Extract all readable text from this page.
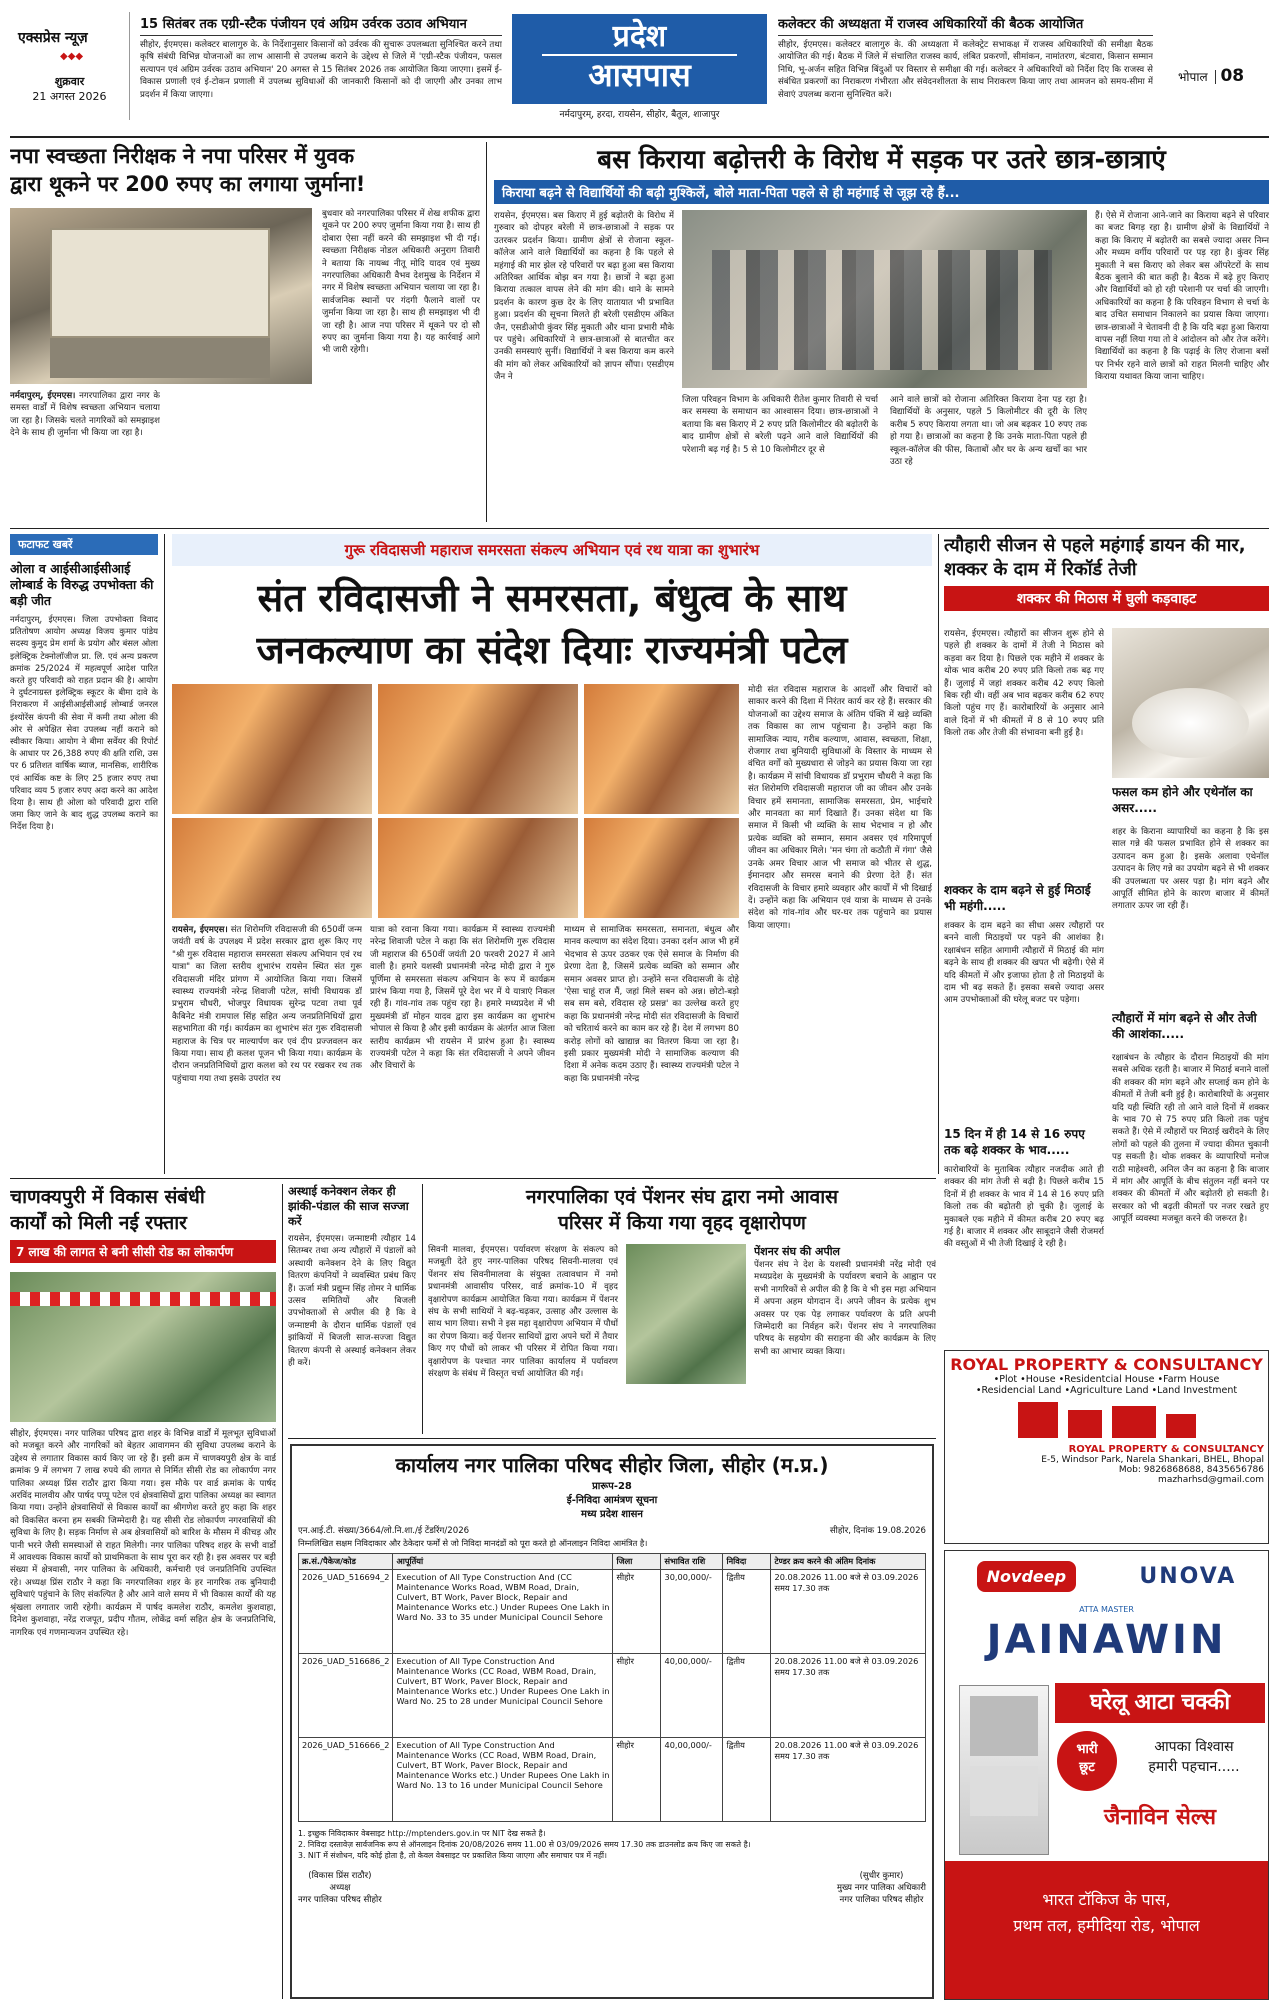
एक्सप्रेस न्यूज़
◆◆◆
शुक्रवार
21 अगस्त 2026
15 सितंबर तक एग्री-स्टैक पंजीयन एवं अग्रिम उर्वरक उठाव अभियान
सीहोर, ईएमएस। कलेक्टर बालागुरु के. के निर्देशानुसार किसानों को उर्वरक की सुचारू उपलब्धता सुनिश्चित करने तथा कृषि संबंधी विभिन्न योजनाओं का लाभ आसानी से उपलब्ध कराने के उद्देश्य से जिले में 'एग्री-स्टैक पंजीयन, फसल सत्यापन एवं अग्रिम उर्वरक उठाव अभियान' 20 अगस्त से 15 सितंबर 2026 तक आयोजित किया जाएगा। इसमें ई-विकास प्रणाली एवं ई-टोकन प्रणाली में उपलब्ध सुविधाओं की जानकारी किसानों को दी जाएगी और उनका लाभ प्रदर्शन में किया जाएगा।
प्रदेश
आसपास
नर्मदापुरम्, हरदा, रायसेन, सीहोर, बैतूल, शाजापुर
कलेक्टर की अध्यक्षता में राजस्व अधिकारियों की बैठक आयोजित
सीहोर, ईएमएस। कलेक्टर बालागुरु के. की अध्यक्षता में कलेक्ट्रेट सभाकक्ष में राजस्व अधिकारियों की समीक्षा बैठक आयोजित की गई। बैठक में जिले में संचालित राजस्व कार्य, लंबित प्रकरणों, सीमांकन, नामांतरण, बंटवारा, किसान सम्मान निधि, भू-अर्जन सहित विभिन्न बिंदुओं पर विस्तार से समीक्षा की गई। कलेक्टर ने अधिकारियों को निर्देश दिए कि राजस्व से संबंधित प्रकरणों का निराकरण गंभीरता और संवेदनशीलता के साथ निराकरण किया जाए तथा आमजन को समय-सीमा में सेवाएं उपलब्ध कराना सुनिश्चित करें।
भोपाल 08
नपा स्वच्छता निरीक्षक ने नपा परिसर में युवक
द्वारा थूकने पर 200 रुपए का लगाया जुर्माना!
नर्मदापुरम्, ईएमएस। नगरपालिका द्वारा नगर के समस्त वार्डों में विशेष स्वच्छता अभियान चलाया जा रहा है। जिसके चलते नागरिकों को समझाइश देने के साथ ही जुर्माना भी किया जा रहा है।
बुधवार को नगरपालिका परिसर में शेख शफीक द्वारा थूकने पर 200 रुपए जुर्माना किया गया है। साथ ही दोबारा ऐसा नहीं करने की समझाइश भी दी गई। स्वच्छता निरीक्षक नोडल अधिकारी अनुराग तिवारी ने बताया कि नायब्ध नीतू मोदि यादव एवं मुख्य नगरपालिका अधिकारी वैभव देशमुख के निर्देशन में नगर में विशेष स्वच्छता अभियान चलाया जा रहा है। सार्वजनिक स्थानों पर गंदगी फैलाने वालों पर जुर्माना किया जा रहा है। साथ ही समझाइश भी दी जा रही है। आज नपा परिसर में थूकने पर दो सौ रुपए का जुर्माना किया गया है। यह कार्रवाई आगे भी जारी रहेगी।
बस किराया बढ़ोत्तरी के विरोध में सड़क पर उतरे छात्र-छात्राएं
किराया बढ़ने से विद्यार्थियों की बढ़ी मुश्किलें, बोले माता-पिता पहले से ही महंगाई से जूझ रहे हैं...
रायसेन, ईएमएस। बस किराए में हुई बढ़ोतरी के विरोध में गुरुवार को दोपहर बरेली में छात्र-छात्राओं ने सड़क पर उतरकर प्रदर्शन किया। ग्रामीण क्षेत्रों से रोजाना स्कूल-कॉलेज आने वाले विद्यार्थियों का कहना है कि पहले से महंगाई की मार झेल रहे परिवारों पर बढ़ा हुआ बस किराया अतिरिक्त आर्थिक बोझ बन गया है। छात्रों ने बढ़ा हुआ किराया तत्काल वापस लेने की मांग की। थाने के सामने प्रदर्शन के कारण कुछ देर के लिए यातायात भी प्रभावित हुआ। प्रदर्शन की सूचना मिलते ही बरेली एसडीएम अंकित जैन, एसडीओपी कुंवर सिंह मुकाती और थाना प्रभारी मौके पर पहुंचे। अधिकारियों ने छात्र-छात्राओं से बातचीत कर उनकी समस्याएं सुनीं। विद्यार्थियों ने बस किराया कम करने की मांग को लेकर अधिकारियों को ज्ञापन सौंपा। एसडीएम जैन ने
जिला परिवहन विभाग के अधिकारी रीतेश कुमार तिवारी से चर्चा कर समस्या के समाधान का आश्वासन दिया। छात्र-छात्राओं ने बताया कि बस किराए में 2 रुपए प्रति किलोमीटर की बढ़ोतरी के बाद ग्रामीण क्षेत्रों से बरेली पढ़ने आने वाले विद्यार्थियों की परेशानी बढ़ गई है। 5 से 10 किलोमीटर दूर से
आने वाले छात्रों को रोजाना अतिरिक्त किराया देना पड़ रहा है। विद्यार्थियों के अनुसार, पहले 5 किलोमीटर की दूरी के लिए करीब 5 रुपए किराया लगता था। जो अब बढ़कर 10 रुपए तक हो गया है। छात्राओं का कहना है कि उनके माता-पिता पहले ही स्कूल-कॉलेज की फीस, किताबों और घर के अन्य खर्चों का भार उठा रहे
हैं। ऐसे में रोजाना आने-जाने का किराया बढ़ने से परिवार का बजट बिगड़ रहा है। ग्रामीण क्षेत्रों के विद्यार्थियों ने कहा कि किराए में बढ़ोतरी का सबसे ज्यादा असर निम्न और मध्यम वर्गीय परिवारों पर पड़ रहा है। कुंवर सिंह मुकाती ने बस किराए को लेकर बस ऑपरेटरों के साथ बैठक बुलाने की बात कही है। बैठक में बढ़े हुए किराए और विद्यार्थियों को हो रही परेशानी पर चर्चा की जाएगी। अधिकारियों का कहना है कि परिवहन विभाग से चर्चा के बाद उचित समाधान निकालने का प्रयास किया जाएगा। छात्र-छात्राओं ने चेतावनी दी है कि यदि बढ़ा हुआ किराया वापस नहीं लिया गया तो वे आंदोलन को और तेज करेंगे। विद्यार्थियों का कहना है कि पढ़ाई के लिए रोजाना बसों पर निर्भर रहने वाले छात्रों को राहत मिलनी चाहिए और किराया यथावत किया जाना चाहिए।
फटाफट खबरें
ओला व आईसीआईसीआई लोम्बार्ड के विरुद्ध उपभोक्ता की बड़ी जीत
नर्मदापुरम्, ईएमएस। जिला उपभोक्ता विवाद प्रतितोषण आयोग अध्यक्ष विजय कुमार पांडेय सदस्य कुमुद प्रेम शर्मा के प्रयोग और बंसल ओला इलेक्ट्रिक टेक्नोलॉजीज प्रा. लि. एवं अन्य प्रकरण क्रमांक 25/2024 में महत्वपूर्ण आदेश पारित करते हुए परिवादी को राहत प्रदान की है। आयोग ने दुर्घटनाग्रस्त इलेक्ट्रिक स्कूटर के बीमा दावे के निराकरण में आईसीआईसीआई लोम्बार्ड जनरल इंश्योरेंस कंपनी की सेवा में कमी तथा ओला की ओर से अपेक्षित सेवा उपलब्ध नहीं कराने को स्वीकार किया। आयोग ने बीमा सर्वेयर की रिपोर्ट के आधार पर 26,388 रुपए की क्षति राशि, उस पर 6 प्रतिशत वार्षिक ब्याज, मानसिक, शारीरिक एवं आर्थिक कष्ट के लिए 25 हजार रुपए तथा परिवाद व्यय 5 हजार रुपए अदा करने का आदेश दिया है। साथ ही ओला को परिवादी द्वारा राशि जमा किए जाने के बाद शुद्ध उपलब्ध कराने का निर्देश दिया है।
गुरू रविदासजी महाराज समरसता संकल्प अभियान एवं रथ यात्रा का शुभारंभ
संत रविदासजी ने समरसता, बंधुत्व के साथ
जनकल्याण का संदेश दियाः राज्यमंत्री पटेल
रायसेन, ईएमएस। संत शिरोमणि रविदासजी की 650वीं जन्म जयंती वर्ष के उपलक्ष्य में प्रदेश सरकार द्वारा शुरू किए गए "श्री गुरू रविदास महाराज समरसता संकल्प अभियान एवं रथ यात्रा" का जिला स्तरीय शुभारंभ रायसेन स्थित संत गुरू रविदासजी मंदिर प्रांगण में आयोजित किया गया। जिसमें स्वास्थ्य राज्यमंत्री नरेन्द्र शिवाजी पटेल, सांची विधायक डॉ प्रभुराम चौधरी, भोजपुर विधायक सुरेन्द्र पटवा तथा पूर्व कैबिनेट मंत्री रामपाल सिंह सहित अन्य जनप्रतिनिधियों द्वारा सहभागिता की गई। कार्यक्रम का शुभारंभ संत गुरू रविदासजी महाराज के चित्र पर माल्यार्पण कर एवं दीप प्रज्जवलन कर किया गया। साथ ही कलश पूजन भी किया गया। कार्यक्रम के दौरान जनप्रतिनिधियों द्वारा कलश को रथ पर रखकर रथ तक पहुंचाया गया तथा इसके उपरांत रथ
यात्रा को रवाना किया गया। कार्यक्रम में स्वास्थ्य राज्यमंत्री नरेन्द्र शिवाजी पटेल ने कहा कि संत शिरोमणि गुरू रविदास जी महाराज की 650वीं जयंती 20 फरवरी 2027 में आने वाली है। हमारे यशस्वी प्रधानमंत्री नरेन्द्र मोदी द्वारा ने गुरु पूर्णिमा से समरसता संकल्प अभियान के रूप में कार्यक्रम प्रारंभ किया गया है, जिसमें पूरे देश भर में ये यात्राएं निकल रही हैं। गांव-गांव तक पहुंच रहा है। हमारे मध्यप्रदेश में भी मुख्यमंत्री डॉ मोहन यादव द्वारा इस कार्यक्रम का शुभारंभ भोपाल से किया है और इसी कार्यक्रम के अंतर्गत आज जिला स्तरीय कार्यक्रम भी रायसेन में प्रारंभ हुआ है। स्वास्थ्य राज्यमंत्री पटेल ने कहा कि संत रविदासजी ने अपने जीवन और विचारों के
माध्यम से सामाजिक समरसता, समानता, बंधुत्व और मानव कल्याण का संदेश दिया। उनका दर्शन आज भी हमें भेदभाव से ऊपर उठकर एक ऐसे समाज के निर्माण की प्रेरणा देता है, जिसमें प्रत्येक व्यक्ति को सम्मान और समान अवसर प्राप्त हो। उन्होंने सन्त रविदासजी के दोहे 'ऐसा चाहूं राज मैं, जहां मिले सबन को अन्न। छोटो-बड़ो सब सम बसे, रविदास रहे प्रसन्न' का उल्लेख करते हुए कहा कि प्रधानमंत्री नरेन्द्र मोदी संत रविदासजी के विचारों को चरितार्थ करने का काम कर रहे हैं। देश में लगभग 80 करोड़ लोगों को खाद्यान्न का वितरण किया जा रहा है। इसी प्रकार मुख्यमंत्री मोदी ने सामाजिक कल्याण की दिशा में अनेक कदम उठाए हैं। स्वास्थ्य राज्यमंत्री पटेल ने कहा कि प्रधानमंत्री नरेन्द्र
मोदी संत रविदास महाराज के आदर्शों और विचारों को साकार करने की दिशा में निरंतर कार्य कर रहे हैं। सरकार की योजनाओं का उद्देश्य समाज के अंतिम पंक्ति में खड़े व्यक्ति तक विकास का लाभ पहुंचाना है। उन्होंने कहा कि सामाजिक न्याय, गरीब कल्याण, आवास, स्वच्छता, शिक्षा, रोजगार तथा बुनियादी सुविधाओं के विस्तार के माध्यम से वंचित वर्गों को मुख्यधारा से जोड़ने का प्रयास किया जा रहा है। कार्यक्रम में सांची विधायक डॉ प्रभुराम चौधरी ने कहा कि संत शिरोमणि रविदासजी महाराज जी का जीवन और उनके विचार हमें समानता, सामाजिक समरसता, प्रेम, भाईचारे और मानवता का मार्ग दिखाते हैं। उनका संदेश था कि समाज में किसी भी व्यक्ति के साथ भेदभाव न हो और प्रत्येक व्यक्ति को सम्मान, समान अवसर एवं गरिमापूर्ण जीवन का अधिकार मिले। 'मन चंगा तो कठौती में गंगा' जैसे उनके अमर विचार आज भी समाज को भीतर से शुद्ध, ईमानदार और समरस बनाने की प्रेरणा देते हैं। संत रविदासजी के विचार हमारे व्यवहार और कार्यों में भी दिखाई दें। उन्होंने कहा कि अभियान एवं यात्रा के माध्यम से उनके संदेश को गांव-गांव और घर-घर तक पहुंचाने का प्रयास किया जाएगा।
त्यौहारी सीजन से पहले महंगाई डायन की मार, शक्कर के दाम में रिकॉर्ड तेजी
शक्कर की मिठास में घुली कड़वाहट
रायसेन, ईएमएस। त्यौहारों का सीजन शुरू होने से पहले ही शक्कर के दामों में तेजी ने मिठास को कड़वा कर दिया है। पिछले एक महीने में शक्कर के थोक भाव करीब 20 रुपए प्रति किलो तक बढ़ गए हैं। जुलाई में जहां शक्कर करीब 42 रुपए किलो बिक रही थी। वहीं अब भाव बढ़कर करीब 62 रुपए किलो पहुंच गए हैं। कारोबारियों के अनुसार आने वाले दिनों में भी कीमतों में 8 से 10 रुपए प्रति किलो तक और तेजी की संभावना बनी हुई है।
फसल कम होने और एथेनॉल का असर.....
शहर के किराना व्यापारियों का कहना है कि इस साल गन्ने की फसल प्रभावित होने से शक्कर का उत्पादन कम हुआ है। इसके अलावा एथेनॉल उत्पादन के लिए गन्ने का उपयोग बढ़ने से भी शक्कर की उपलब्धता पर असर पड़ा है। मांग बढ़ने और आपूर्ति सीमित होने के कारण बाजार में कीमतें लगातार ऊपर जा रही हैं।
त्यौहारों में मांग बढ़ने से और तेजी की आशंका.....
रक्षाबंधन के त्यौहार के दौरान मिठाइयों की मांग सबसे अधिक रहती है। बाजार में मिठाई बनाने वालों की शक्कर की मांग बढ़ने और सप्लाई कम होने के कीमतों में तेजी बनी हुई है। कारोबारियों के अनुसार यदि यही स्थिति रही तो आने वाले दिनों में शक्कर के भाव 70 से 75 रुपए प्रति किलो तक पहुंच सकते हैं। ऐसे में त्यौहारों पर मिठाई खरीदने के लिए लोगों को पहले की तुलना में ज्यादा कीमत चुकानी पड़ सकती है। थोक शक्कर के व्यापारियों मनोज राठी माहेश्वरी, अनिल जैन का कहना है कि बाजार में मांग और आपूर्ति के बीच संतुलन नहीं बनने पर शक्कर की कीमतों में और बढ़ोतरी हो सकती है। सरकार को भी बढ़ती कीमतों पर नजर रखते हुए आपूर्ति व्यवस्था मजबूत करने की जरूरत है।
शक्कर के दाम बढ़ने से हुई मिठाई भी महंगी.....
शक्कर के दाम बढ़ने का सीधा असर त्यौहारों पर बनने वाली मिठाइयों पर पड़ने की आशंका है। रक्षाबंधन सहित आगामी त्यौहारों में मिठाई की मांग बढ़ने के साथ ही शक्कर की खपत भी बढ़ेगी। ऐसे में यदि कीमतों में और इजाफा होता है तो मिठाइयों के दाम भी बढ़ सकते हैं। इसका सबसे ज्यादा असर आम उपभोक्ताओं की घरेलू बजट पर पड़ेगा।
15 दिन में ही 14 से 16 रुपए तक बढ़े शक्कर के भाव.....
कारोबारियों के मुताबिक त्यौहार नजदीक आते ही शक्कर की मांग तेजी से बढ़ी है। पिछले करीब 15 दिनों में ही शक्कर के भाव में 14 से 16 रुपए प्रति किलो तक की बढ़ोतरी हो चुकी है। जुलाई के मुकाबले एक महीने में कीमत करीब 20 रुपए बढ़ गई है। बाजार में शक्कर और साबूदाने जैसी रोजमर्रा की वस्तुओं में भी तेजी दिखाई दे रही है।
चाणक्यपुरी में विकास संबंधी
कार्यों को मिली नई रफ्तार
7 लाख की लागत से बनी सीसी रोड का लोकार्पण
सीहोर, ईएमएस। नगर पालिका परिषद द्वारा शहर के विभिन्न वार्डों में मूलभूत सुविधाओं को मजबूत करने और नागरिकों को बेहतर आवागमन की सुविधा उपलब्ध कराने के उद्देश्य से लगातार विकास कार्य किए जा रहे हैं। इसी क्रम में चाणक्यपुरी क्षेत्र के वार्ड क्रमांक 9 में लगभग 7 लाख रुपये की लागत से निर्मित सीसी रोड का लोकार्पण नगर पालिका अध्यक्ष प्रिंस राठौर द्वारा किया गया। इस मौके पर वार्ड क्रमांक के पार्षद अरविंद मालवीय और पार्षद पप्पू पटेल एवं क्षेत्रवासियों द्वारा पालिका अध्यक्ष का स्वागत किया गया। उन्होंने क्षेत्रवासियों से विकास कार्यों का श्रीगणेश करते हुए कहा कि शहर को विकसित करना हम सबकी जिम्मेदारी है। यह सीसी रोड लोकार्पण नगरवासियों की सुविधा के लिए है। सड़क निर्माण से अब क्षेत्रवासियों को बारिश के मौसम में कीचड़ और पानी भरने जैसी समस्याओं से राहत मिलेगी। नगर पालिका परिषद शहर के सभी वार्डों में आवश्यक विकास कार्यों को प्राथमिकता के साथ पूरा कर रही है। इस अवसर पर बड़ी संख्या में क्षेत्रवासी, नगर पालिका के अधिकारी, कर्मचारी एवं जनप्रतिनिधि उपस्थित रहे। अध्यक्ष प्रिंस राठौर ने कहा कि नगरपालिका शहर के हर नागरिक तक बुनियादी सुविधाएं पहुंचाने के लिए संकल्पित है और आने वाले समय में भी विकास कार्यों की यह श्रृंखला लगातार जारी रहेगी। कार्यक्रम में पार्षद कमलेश राठौर, कमलेश कुशवाहा, दिनेश कुशवाहा, नरेंद्र राजपूत, प्रदीप गौतम, लोकेंद्र वर्मा सहित क्षेत्र के जनप्रतिनिधि, नागरिक एवं गणमान्यजन उपस्थित रहे।
अस्थाई कनेक्शन लेकर ही झांकी-पंडाल की साज सज्जा करें
रायसेन, ईएमएस। जन्माष्टमी त्यौहार 14 सितम्बर तथा अन्य त्यौहारों में पंडालों को अस्थायी कनेक्शन देने के लिए विद्युत वितरण कंपनियों ने व्यवस्थित प्रबंध किए हैं। ऊर्जा मंत्री प्रद्युम्न सिंह तोमर ने धार्मिक उत्सव समितियों और बिजली उपभोक्ताओं से अपील की है कि वे जन्माष्टमी के दौरान धार्मिक पंडालों एवं झांकियों में बिजली साज-सज्जा विद्युत वितरण कंपनी से अस्थाई कनेक्शन लेकर ही करें।
नगरपालिका एवं पेंशनर संघ द्वारा नमो आवास
परिसर में किया गया वृहद वृक्षारोपण
सिवनी मालवा, ईएमएस। पर्यावरण संरक्षण के संकल्प को मजबूती देते हुए नगर-पालिका परिषद सिवनी-मालवा एवं पेंशनर संघ सिवनीमालवा के संयुक्त तत्वावधान में नमो प्रधानमंत्री आवासीय परिसर, वार्ड क्रमांक-10 में वृहद वृक्षारोपण कार्यक्रम आयोजित किया गया। कार्यक्रम में पेंशनर संघ के सभी साथियों ने बढ़-चढ़कर, उत्साह और उल्लास के साथ भाग लिया। सभी ने इस महा वृक्षारोपण अभियान में पौधों का रोपण किया। कई पेंशनर साथियों द्वारा अपने घरों में तैयार किए गए पौधों को लाकर भी परिसर में रोपित किया गया। वृक्षारोपण के पश्चात नगर पालिका कार्यालय में पर्यावरण संरक्षण के संबंध में विस्तृत चर्चा आयोजित की गई।
पेंशनर संघ की अपील
पेंशनर संघ ने देश के यशस्वी प्रधानमंत्री नरेंद्र मोदी एवं मध्यप्रदेश के मुख्यमंत्री के पर्यावरण बचाने के आह्वान पर सभी नागरिकों से अपील की है कि वे भी इस महा अभियान में अपना अहम योगदान दें। अपने जीवन के प्रत्येक शुभ अवसर पर एक पेड़ लगाकर पर्यावरण के प्रति अपनी जिम्मेदारी का निर्वहन करें। पेंशनर संघ ने नगरपालिका परिषद के सहयोग की सराहना की और कार्यक्रम के लिए सभी का आभार व्यक्त किया।
कार्यालय नगर पालिका परिषद सीहोर जिला, सीहोर (म.प्र.)
प्रारूप-28
ई-निविदा आमंत्रण सूचना
मध्य प्रदेश शासन
एन.आई.टी. संख्या/3664/लो.नि.शा./ई टेंडरिंग/2026	सीहोर, दिनांक 19.08.2026
निम्नलिखित सक्षम निविदाकार और ठेकेदार फर्मों से जो निविदा मानदंडों को पूरा करते हो ऑनलाइन निविदा आमंत्रित है।
क्र.सं./पैकेज/कोड	आपूर्तियां	जिला	संभावित राशि	निविदा	टेण्डर क्रय करने की अंतिम दिनांक
2026_UAD_516694_2	Execution of All Type Construction And (CC Maintenance Works Road, WBM Road, Drain, Culvert, BT Work, Paver Block, Repair and Maintenance Works etc.) Under Rupees One Lakh in Ward No. 33 to 35 under Municipal Council Sehore	सीहोर	30,00,000/-	द्वितीय	20.08.2026 11.00 बजे से 03.09.2026 समय 17.30 तक
2026_UAD_516686_2	Execution of All Type Construction And Maintenance Works (CC Road, WBM Road, Drain, Culvert, BT Work, Paver Block, Repair and Maintenance Works etc.) Under Rupees One Lakh in Ward No. 25 to 28 under Municipal Council Sehore	सीहोर	40,00,000/-	द्वितीय	20.08.2026 11.00 बजे से 03.09.2026 समय 17.30 तक
2026_UAD_516666_2	Execution of All Type Construction And Maintenance Works (CC Road, WBM Road, Drain, Culvert, BT Work, Paver Block, Repair and Maintenance Works etc.) Under Rupees One Lakh in Ward No. 13 to 16 under Municipal Council Sehore	सीहोर	40,00,000/-	द्वितीय	20.08.2026 11.00 बजे से 03.09.2026 समय 17.30 तक
1. इच्छुक निविदाकार वेबसाइट http://mptenders.gov.in पर NIT देख सकते है।
2. निविदा दस्तावेज़ सार्वजनिक रूप से ऑनलाइन दिनांक 20/08/2026 समय 11.00 से 03/09/2026 समय 17.30 तक डाउनलोड क्रय किए जा सकते है।
3. NIT में संशोधन, यदि कोई होता है, तो केवल वेबसाइट पर प्रकाशित किया जाएगा और समाचार पत्र में नहीं।
(विकास प्रिंस राठौर)
अध्यक्ष
नगर पालिका परिषद सीहोर
(सुधीर कुमार)
मुख्य नगर पालिका अधिकारी
नगर पालिका परिषद सीहोर
ROYAL PROPERTY & CONSULTANCY
•Plot •House •Residentcial House •Farm House
•Residencial Land •Agriculture Land •Land Investment
ROYAL PROPERTY & CONSULTANCY
E-5, Windsor Park, Narela Shankari, BHEL, Bhopal
Mob: 9826868688, 8435656786
mazharhsd@gmail.com
Novdeep	UNOVA
ATTA MASTER
JAINAWIN
घरेलू आटा चक्की
भारी
छूट
आपका विश्वास
हमारी पहचान.....
जैनाविन सेल्स
भारत टॉकिज के पास,
प्रथम तल, हमीदिया रोड, भोपाल
